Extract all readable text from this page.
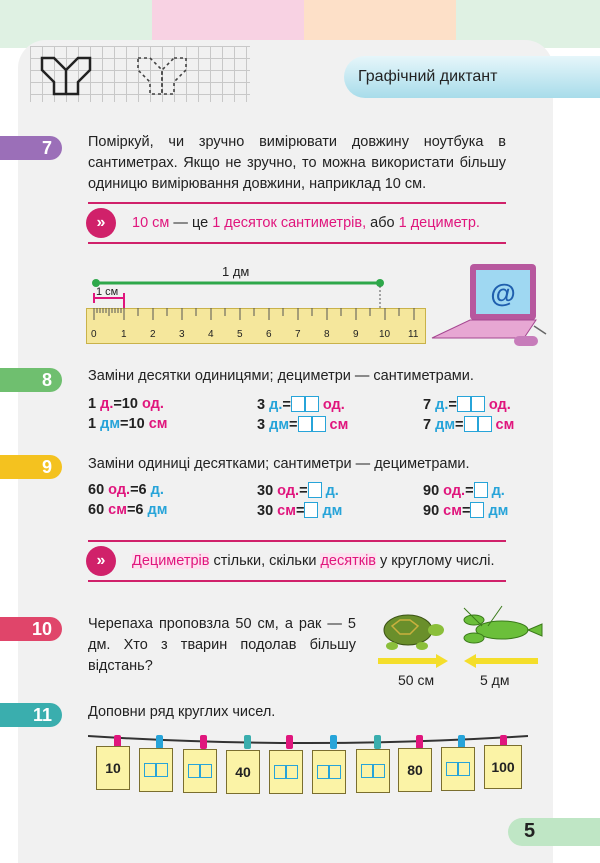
Графічний диктант
7	Поміркуй, чи зручно вимірювати довжину ноутбука в сантиметрах. Якщо не зручно, то можна використати більшу одиницю вимірювання довжини, наприклад 10 см.
»	10 см — це 1 десяток сантиметрів, або 1 дециметр.
1 дм
1 см
0 1 2 3 4 5 6 7 8 9 10 11
@
8	Заміни десятки одиницями; дециметри — сантиметрами.
1 д.=10 од.	3 д.= од.	7 д.= од.
1 дм=10 см	3 дм= см	7 дм= см
9	Заміни одиниці десятками; сантиметри — дециметрами.
60 од.=6 д.	30 од.= д.	90 од.= д.
60 см=6 дм	30 см= дм	90 см= дм
»	Дециметрів стільки, скільки десятків у круглому числі.
10	Черепаха проповзла 50 см, а рак — 5 дм. Хто з тварин подолав більшу відстань?
50 см	5 дм
11	Доповни ряд круглих чисел.
10	40	80	100
5
